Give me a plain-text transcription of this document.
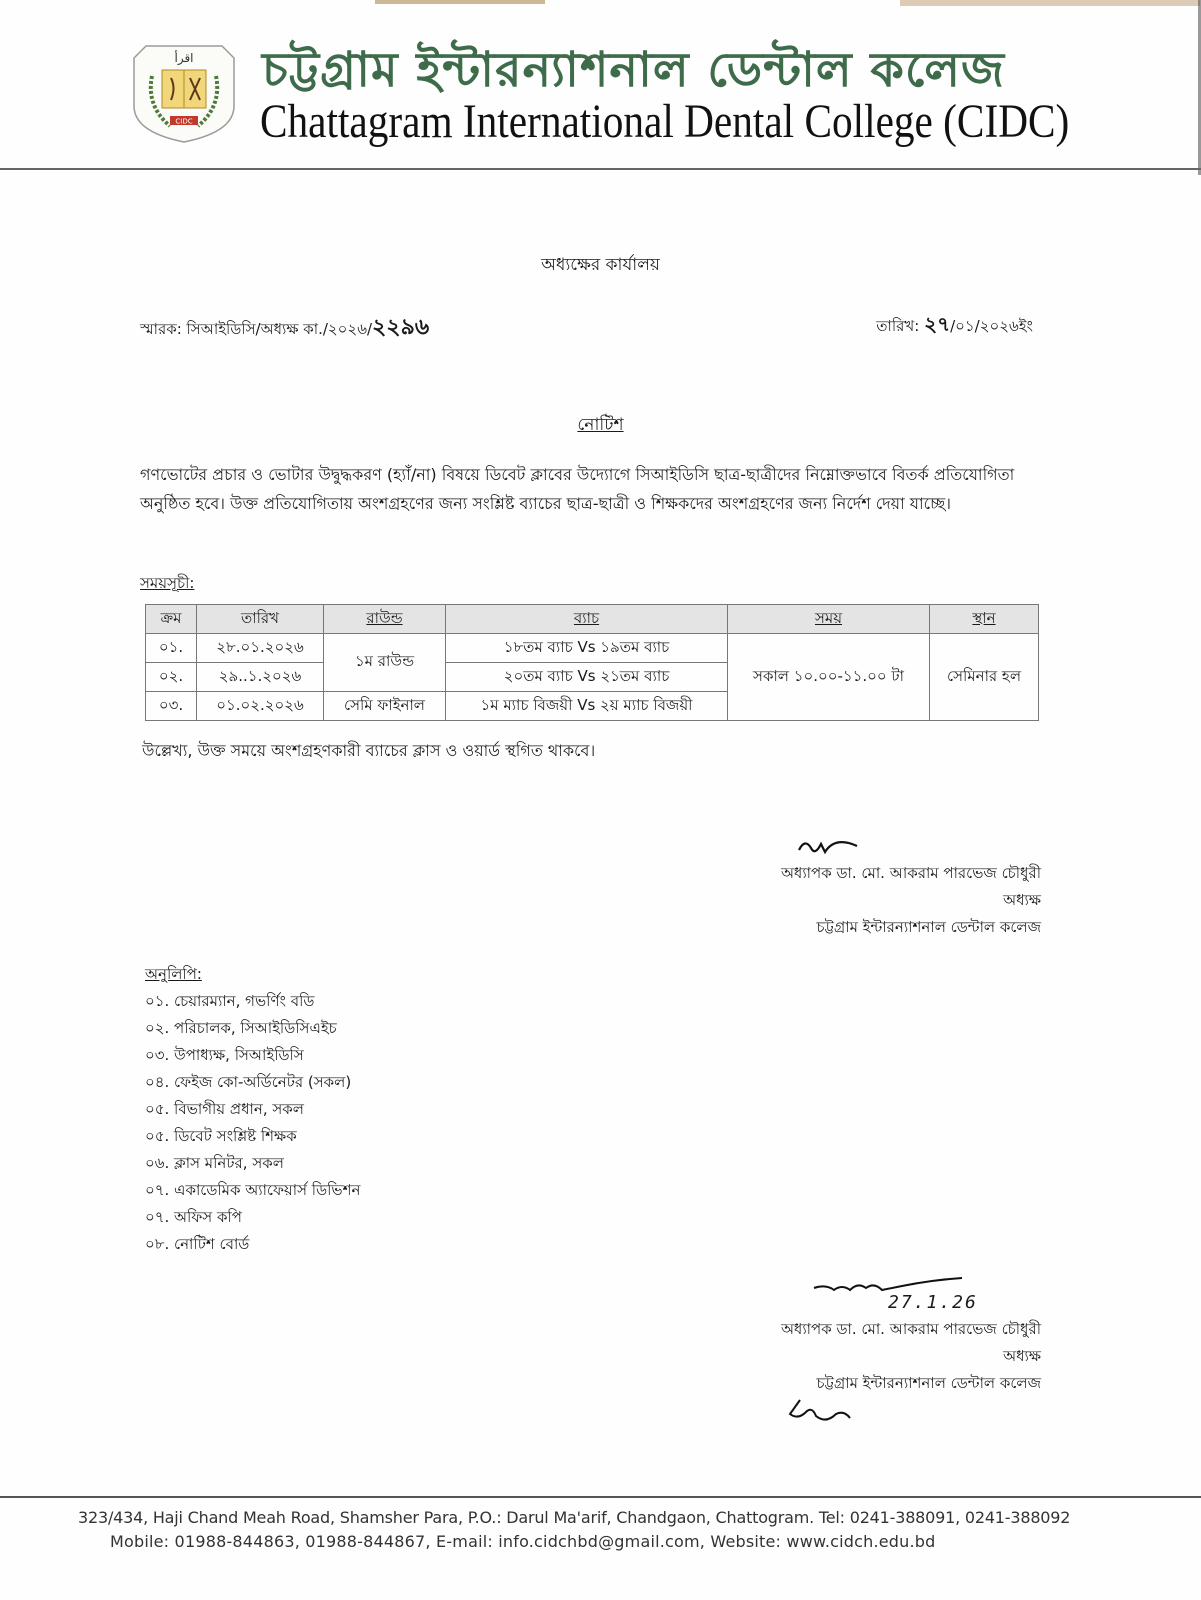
اقرأ
CIDC
চট্টগ্রাম ইন্টারন্যাশনাল ডেন্টাল কলেজ
Chattagram International Dental College (CIDC)
অধ্যক্ষের কার্যালয়
স্মারক: সিআইডিসি/অধ্যক্ষ কা./২০২৬/২২৯৬	তারিখ: ২৭/০১/২০২৬ইং
নোটিশ
গণভোটের প্রচার ও ভোটার উদ্বুদ্ধকরণ (হ্যাঁ/না) বিষয়ে ডিবেট ক্লাবের উদ্যোগে সিআইডিসি ছাত্র-ছাত্রীদের নিম্নোক্তভাবে বিতর্ক প্রতিযোগিতা অনুষ্ঠিত হবে। উক্ত প্রতিযোগিতায় অংশগ্রহণের জন্য সংশ্লিষ্ট ব্যাচের ছাত্র-ছাত্রী ও শিক্ষকদের অংশগ্রহণের জন্য নির্দেশ দেয়া যাচ্ছে।
সময়সূচী:
ক্রম	তারিখ	রাউন্ড	ব্যাচ	সময়	স্থান
০১.	২৮.০১.২০২৬	১ম রাউন্ড	১৮তম ব্যাচ Vs ১৯তম ব্যাচ	সকাল ১০.০০-১১.০০ টা	সেমিনার হল
০২.	২৯..১.২০২৬		২০তম ব্যাচ Vs ২১তম ব্যাচ		
০৩.	০১.০২.২০২৬	সেমি ফাইনাল	১ম ম্যাচ বিজয়ী Vs ২য় ম্যাচ বিজয়ী		
উল্লেখ্য, উক্ত সময়ে অংশগ্রহণকারী ব্যাচের ক্লাস ও ওয়ার্ড স্থগিত থাকবে।
অধ্যাপক ডা. মো. আকরাম পারভেজ চৌধুরী
অধ্যক্ষ
চট্টগ্রাম ইন্টারন্যাশনাল ডেন্টাল কলেজ
অনুলিপি:
০১. চেয়ারম্যান, গভর্ণিং বডি
০২. পরিচালক, সিআইডিসিএইচ
০৩. উপাধ্যক্ষ, সিআইডিসি
০৪. ফেইজ কো-অর্ডিনেটর (সকল)
০৫. বিভাগীয় প্রধান, সকল
০৫. ডিবেট সংশ্লিষ্ট শিক্ষক
০৬. ক্লাস মনিটর, সকল
০৭. একাডেমিক অ্যাফেয়ার্স ডিভিশন
০৭. অফিস কপি
০৮. নোটিশ বোর্ড
27.1.26
অধ্যাপক ডা. মো. আকরাম পারভেজ চৌধুরী
অধ্যক্ষ
চট্টগ্রাম ইন্টারন্যাশনাল ডেন্টাল কলেজ
323/434, Haji Chand Meah Road, Shamsher Para, P.O.: Darul Ma'arif, Chandgaon, Chattogram. Tel: 0241-388091, 0241-388092
Mobile: 01988-844863, 01988-844867, E-mail: info.cidchbd@gmail.com, Website: www.cidch.edu.bd
